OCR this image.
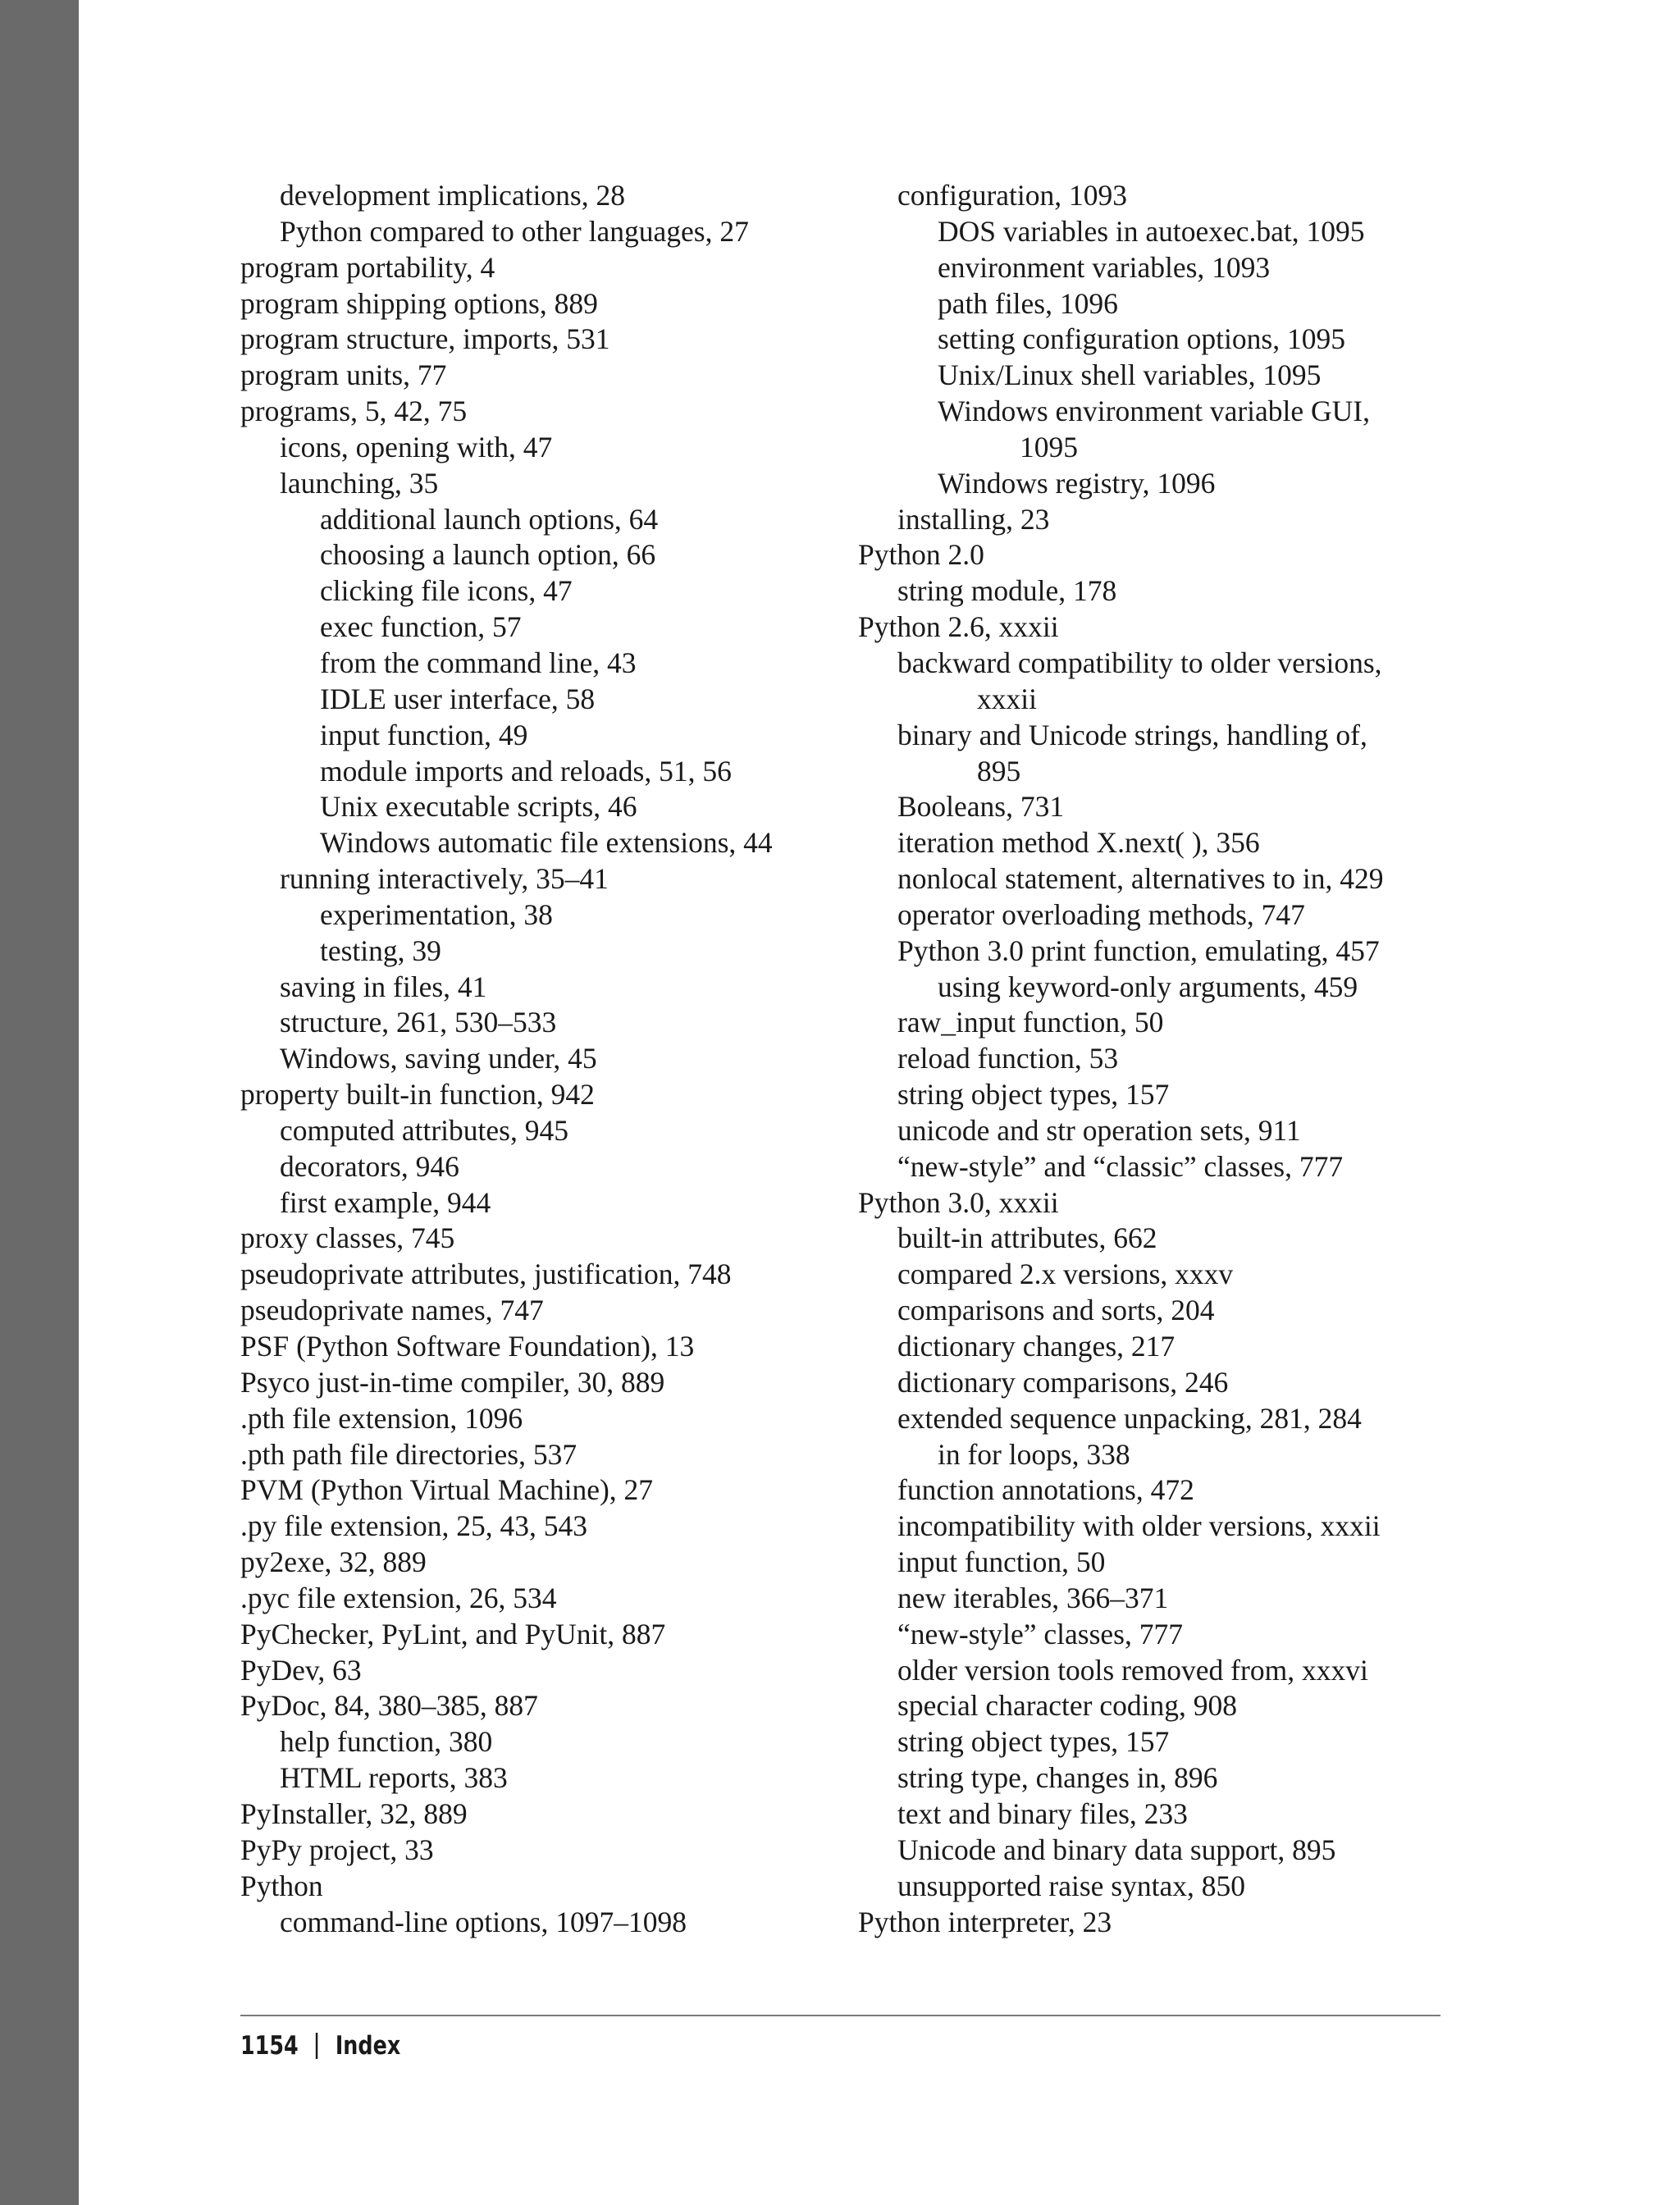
development implications, 28
Python compared to other languages, 27
program portability, 4
program shipping options, 889
program structure, imports, 531
program units, 77
programs, 5, 42, 75
icons, opening with, 47
launching, 35
additional launch options, 64
choosing a launch option, 66
clicking file icons, 47
exec function, 57
from the command line, 43
IDLE user interface, 58
input function, 49
module imports and reloads, 51, 56
Unix executable scripts, 46
Windows automatic file extensions, 44
running interactively, 35–41
experimentation, 38
testing, 39
saving in files, 41
structure, 261, 530–533
Windows, saving under, 45
property built-in function, 942
computed attributes, 945
decorators, 946
first example, 944
proxy classes, 745
pseudoprivate attributes, justification, 748
pseudoprivate names, 747
PSF (Python Software Foundation), 13
Psyco just-in-time compiler, 30, 889
.pth file extension, 1096
.pth path file directories, 537
PVM (Python Virtual Machine), 27
.py file extension, 25, 43, 543
py2exe, 32, 889
.pyc file extension, 26, 534
PyChecker, PyLint, and PyUnit, 887
PyDev, 63
PyDoc, 84, 380–385, 887
help function, 380
HTML reports, 383
PyInstaller, 32, 889
PyPy project, 33
Python
command-line options, 1097–1098
configuration, 1093
DOS variables in autoexec.bat, 1095
environment variables, 1093
path files, 1096
setting configuration options, 1095
Unix/Linux shell variables, 1095
Windows environment variable GUI,
1095
Windows registry, 1096
installing, 23
Python 2.0
string module, 178
Python 2.6, xxxii
backward compatibility to older versions,
xxxii
binary and Unicode strings, handling of,
895
Booleans, 731
iteration method X.next( ), 356
nonlocal statement, alternatives to in, 429
operator overloading methods, 747
Python 3.0 print function, emulating, 457
using keyword-only arguments, 459
raw_input function, 50
reload function, 53
string object types, 157
unicode and str operation sets, 911
“new-style” and “classic” classes, 777
Python 3.0, xxxii
built-in attributes, 662
compared 2.x versions, xxxv
comparisons and sorts, 204
dictionary changes, 217
dictionary comparisons, 246
extended sequence unpacking, 281, 284
in for loops, 338
function annotations, 472
incompatibility with older versions, xxxii
input function, 50
new iterables, 366–371
“new-style” classes, 777
older version tools removed from, xxxvi
special character coding, 908
string object types, 157
string type, changes in, 896
text and binary files, 233
Unicode and binary data support, 895
unsupported raise syntax, 850
Python interpreter, 23
1154 Index
